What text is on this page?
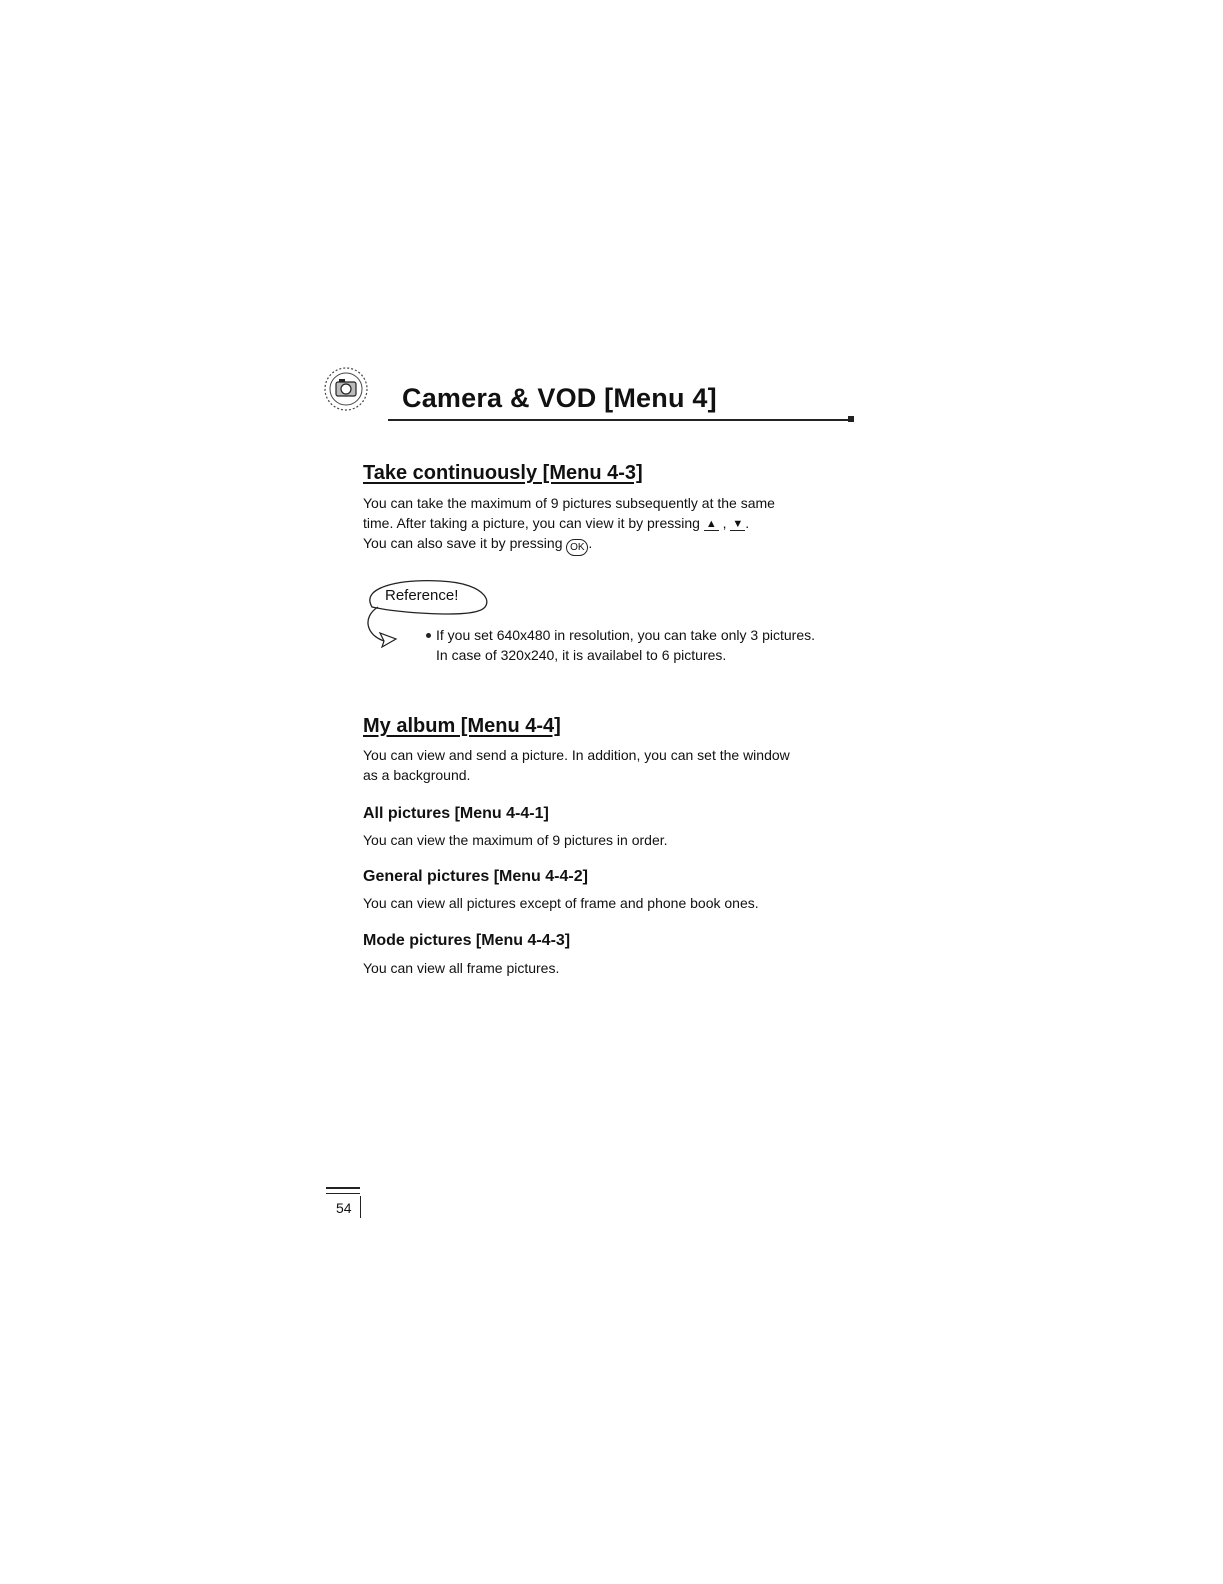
Camera & VOD [Menu 4]
Take continuously [Menu 4-3]

You can take the maximum of 9 pictures subsequently at the same
time. After taking a picture, you can view it by pressing ▲ , ▼ .
You can also save it by pressing OK .

Reference!

If you set 640x480 in resolution, you can take only 3 pictures. In case of 320x240, it is availabel to 6 pictures.

My album [Menu 4-4]

You can view and send a picture. In addition, you can set the window as a background.

All pictures [Menu 4-4-1]

You can view the maximum of 9 pictures in order.

General pictures [Menu 4-4-2]

You can view all pictures except of frame and phone book ones.

Mode pictures [Menu 4-4-3]

You can view all frame pictures.

54
